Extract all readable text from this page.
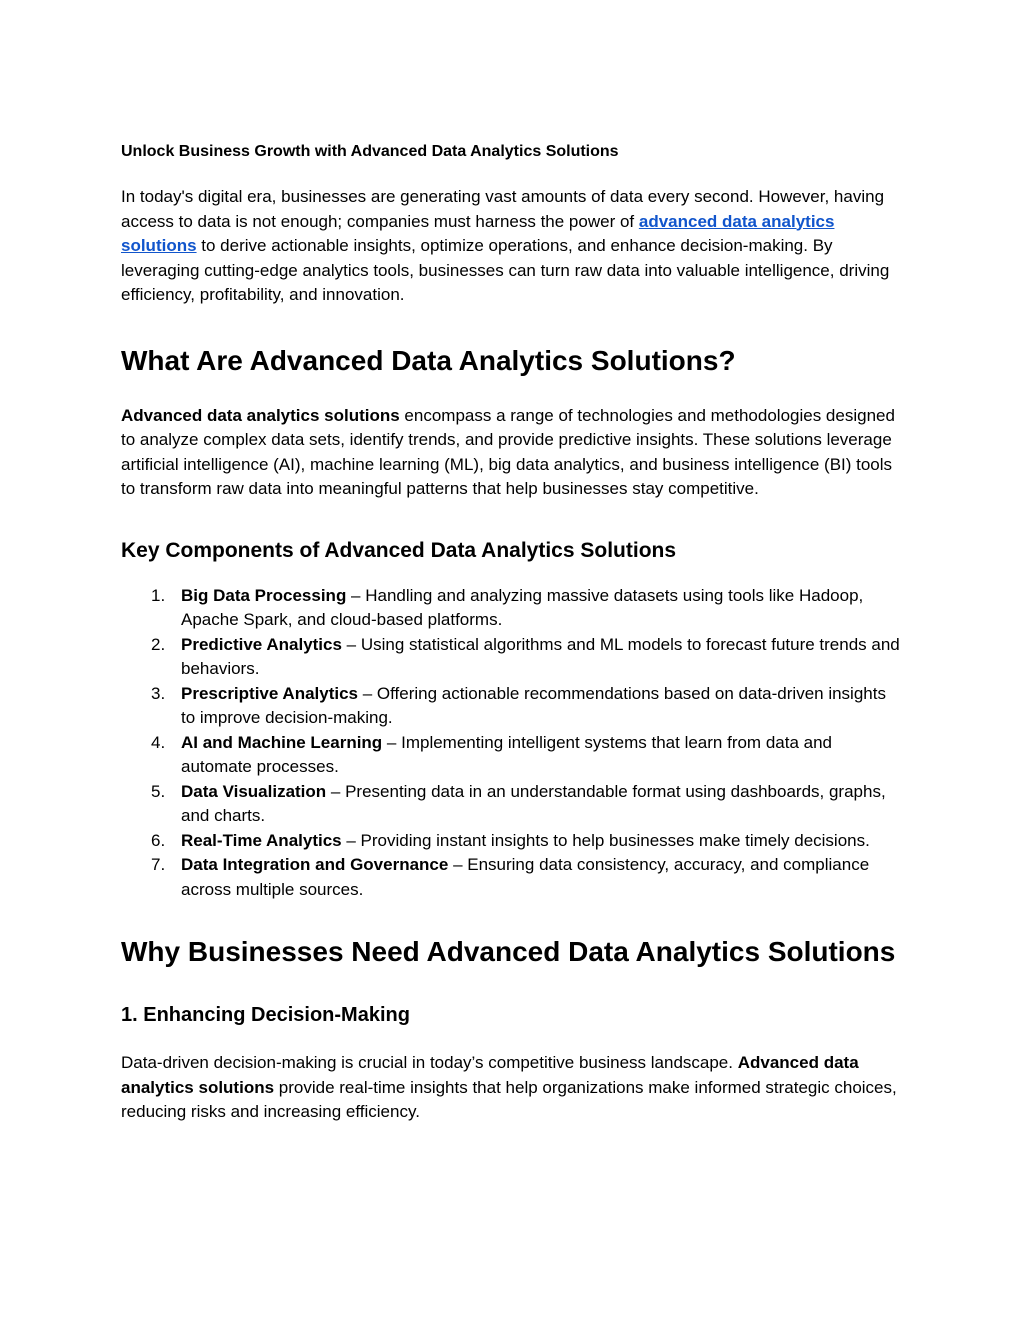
Unlock Business Growth with Advanced Data Analytics Solutions

In today's digital era, businesses are generating vast amounts of data every second. However, having access to data is not enough; companies must harness the power of advanced data analytics solutions to derive actionable insights, optimize operations, and enhance decision-making. By leveraging cutting-edge analytics tools, businesses can turn raw data into valuable intelligence, driving efficiency, profitability, and innovation.

What Are Advanced Data Analytics Solutions?

Advanced data analytics solutions encompass a range of technologies and methodologies designed to analyze complex data sets, identify trends, and provide predictive insights. These solutions leverage artificial intelligence (AI), machine learning (ML), big data analytics, and business intelligence (BI) tools to transform raw data into meaningful patterns that help businesses stay competitive.

Key Components of Advanced Data Analytics Solutions
1. Big Data Processing – Handling and analyzing massive datasets using tools like Hadoop, Apache Spark, and cloud-based platforms.
2. Predictive Analytics – Using statistical algorithms and ML models to forecast future trends and behaviors.
3. Prescriptive Analytics – Offering actionable recommendations based on data-driven insights to improve decision-making.
4. AI and Machine Learning – Implementing intelligent systems that learn from data and automate processes.
5. Data Visualization – Presenting data in an understandable format using dashboards, graphs, and charts.
6. Real-Time Analytics – Providing instant insights to help businesses make timely decisions.
7. Data Integration and Governance – Ensuring data consistency, accuracy, and compliance across multiple sources.
Why Businesses Need Advanced Data Analytics Solutions
1. Enhancing Decision-Making

Data-driven decision-making is crucial in today’s competitive business landscape. Advanced data analytics solutions provide real-time insights that help organizations make informed strategic choices, reducing risks and increasing efficiency.
